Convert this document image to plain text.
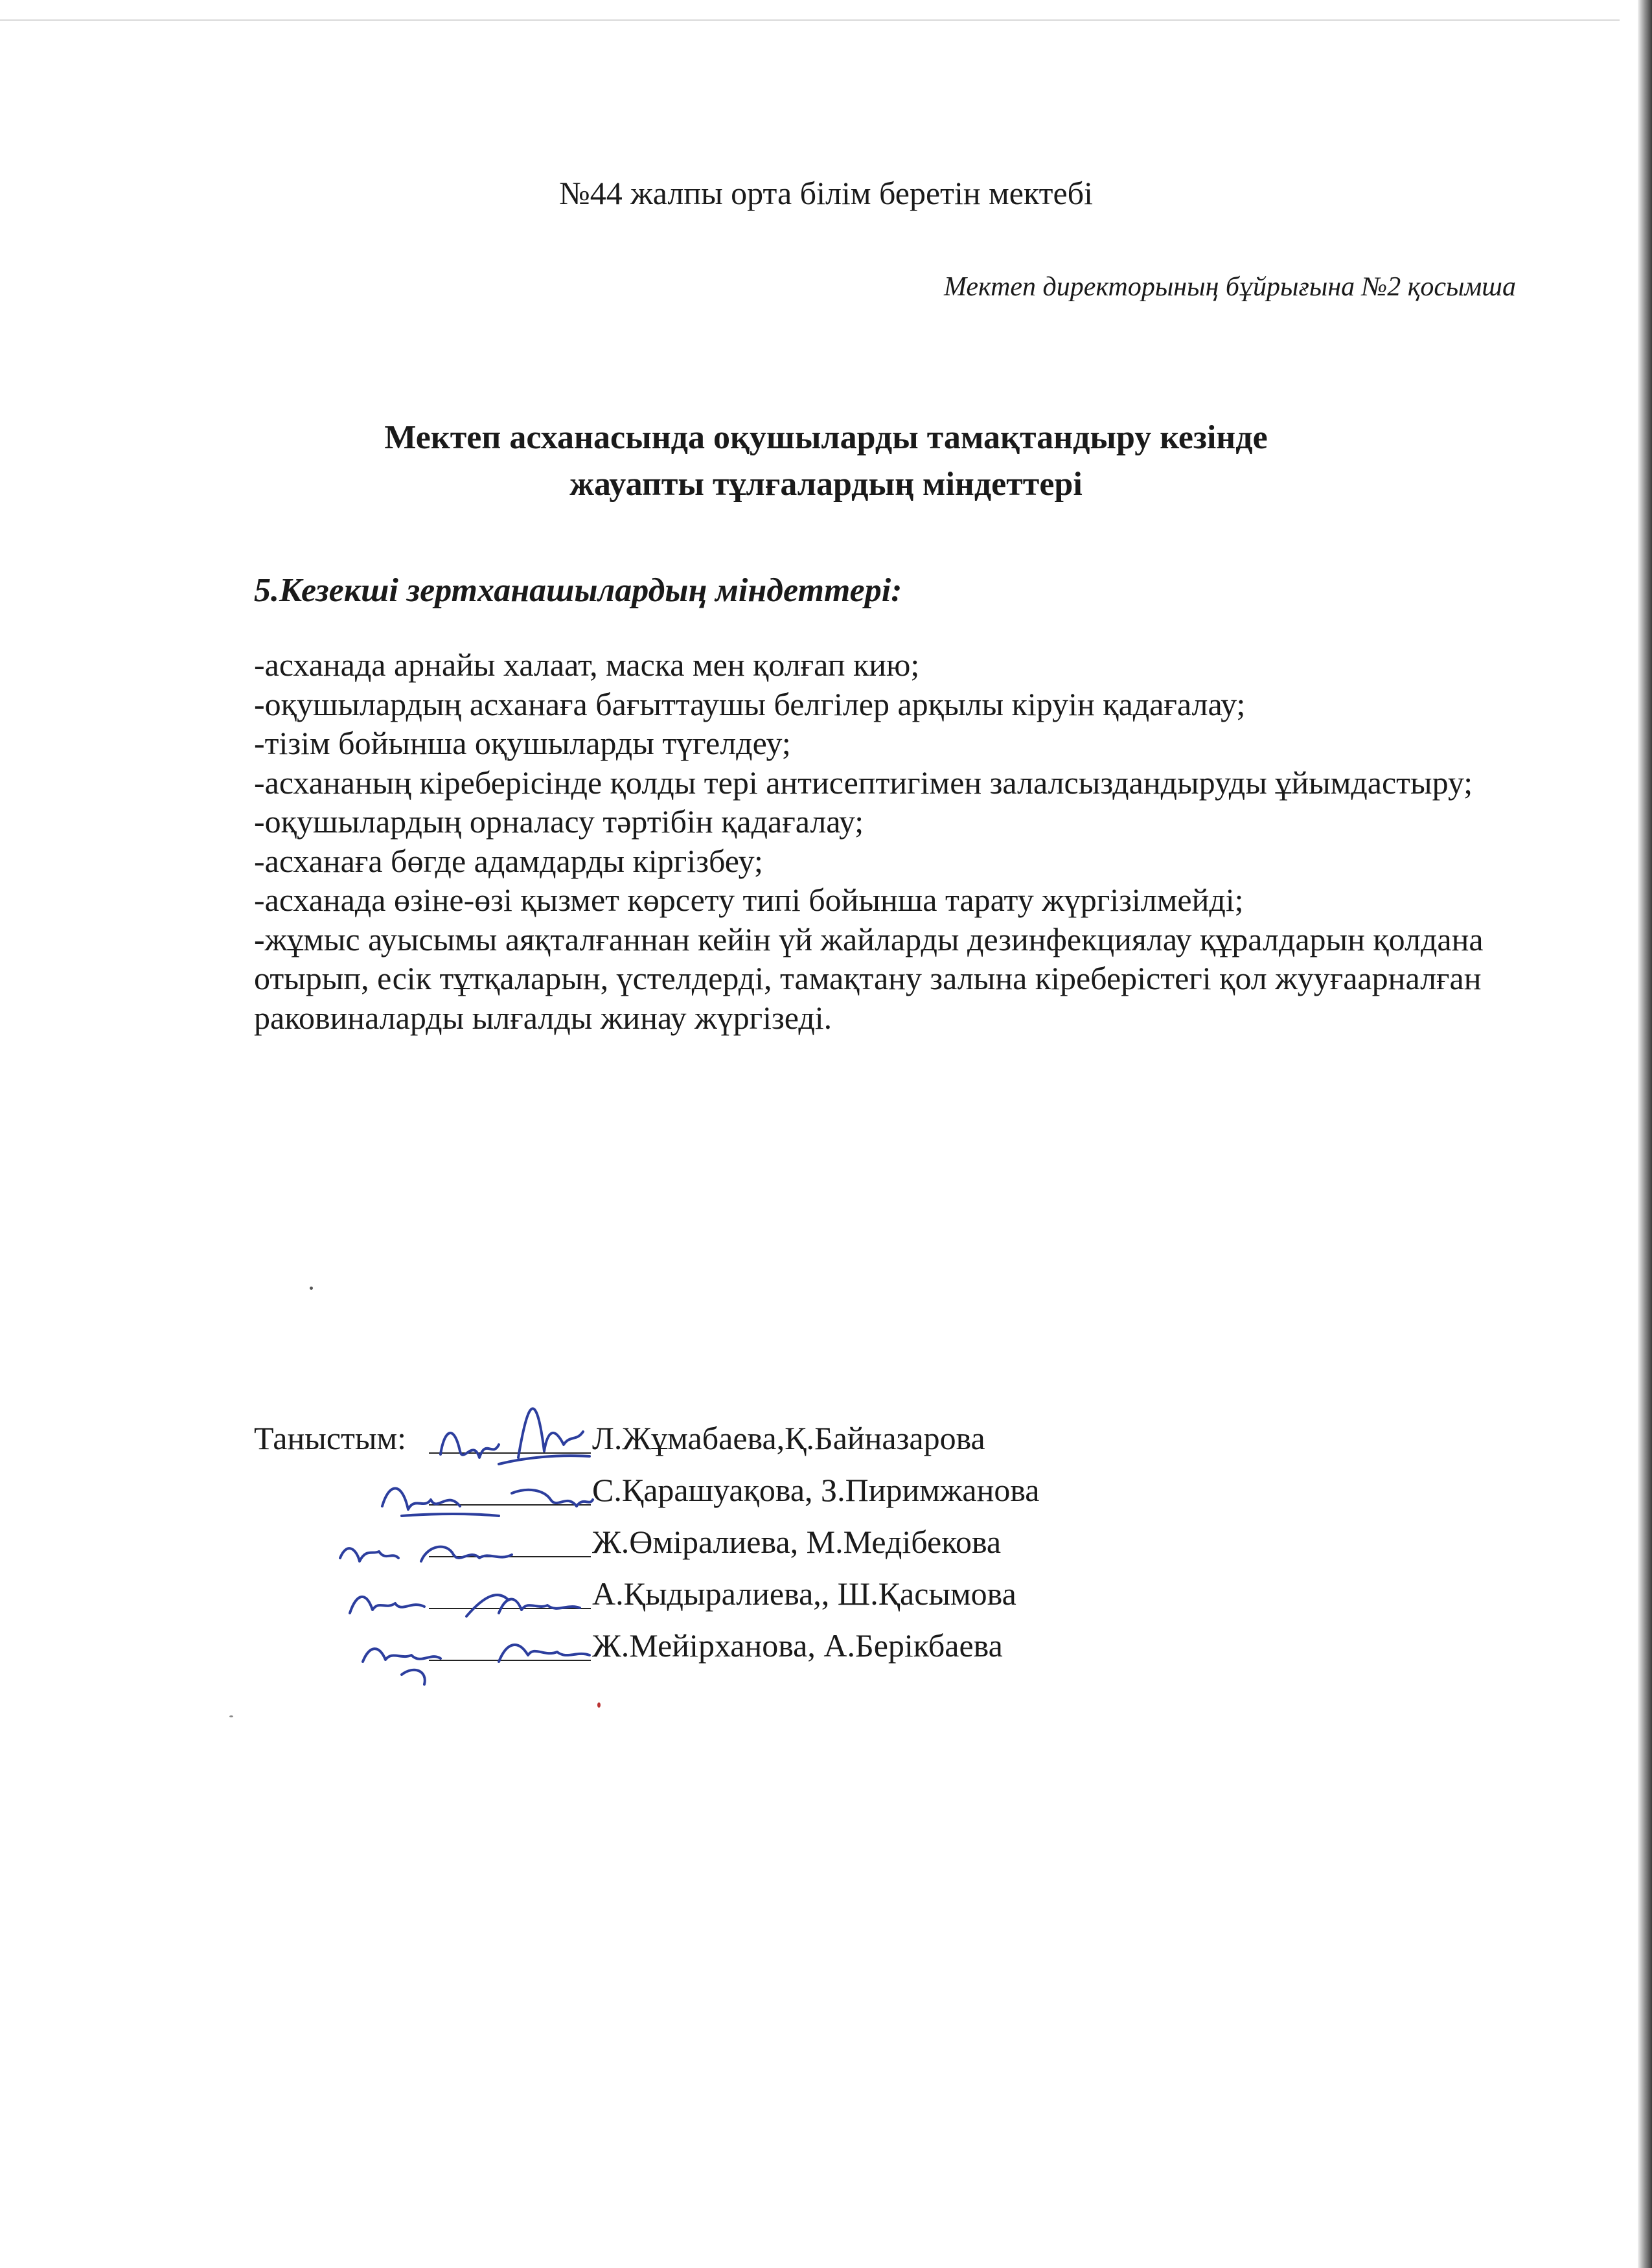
№44 жалпы орта білім беретін мектебі
Мектеп директорының бұйрығына №2 қосымша
Мектеп асханасында оқушыларды тамақтандыру кезінде
жауапты тұлғалардың міндеттері
5.Кезекші зертханашылардың міндеттері:
-асханада арнайы халаат, маска мен қолғап кию;
-оқушылардың асханаға бағыттаушы белгілер арқылы кіруін қадағалау;
-тізім бойынша оқушыларды түгелдеу;
-асхананың кіреберісінде қолды тері антисептигімен залалсыздандыруды ұйымдастыру;
-оқушылардың орналасу тәртібін қадағалау;
-асханаға бөгде адамдарды кіргізбеу;
-асханада өзіне-өзі қызмет көрсету типі бойынша тарату жүргізілмейді;
-жұмыс ауысымы аяқталғаннан кейін үй жайларды дезинфекциялау құралдарын қолдана отырып, есік тұтқаларын, үстелдерді, тамақтану залына кіреберістегі қол жууғаарналған раковиналарды ылғалды жинау жүргізеді.
Таныстым:	Л.Жұмабаева,Қ.Байназарова
С.Қарашуақова, З.Пиримжанова
Ж.Өміралиева, М.Медібекова
А.Қыдыралиева,, Ш.Қасымова
Ж.Мейірханова, А.Берікбаева
